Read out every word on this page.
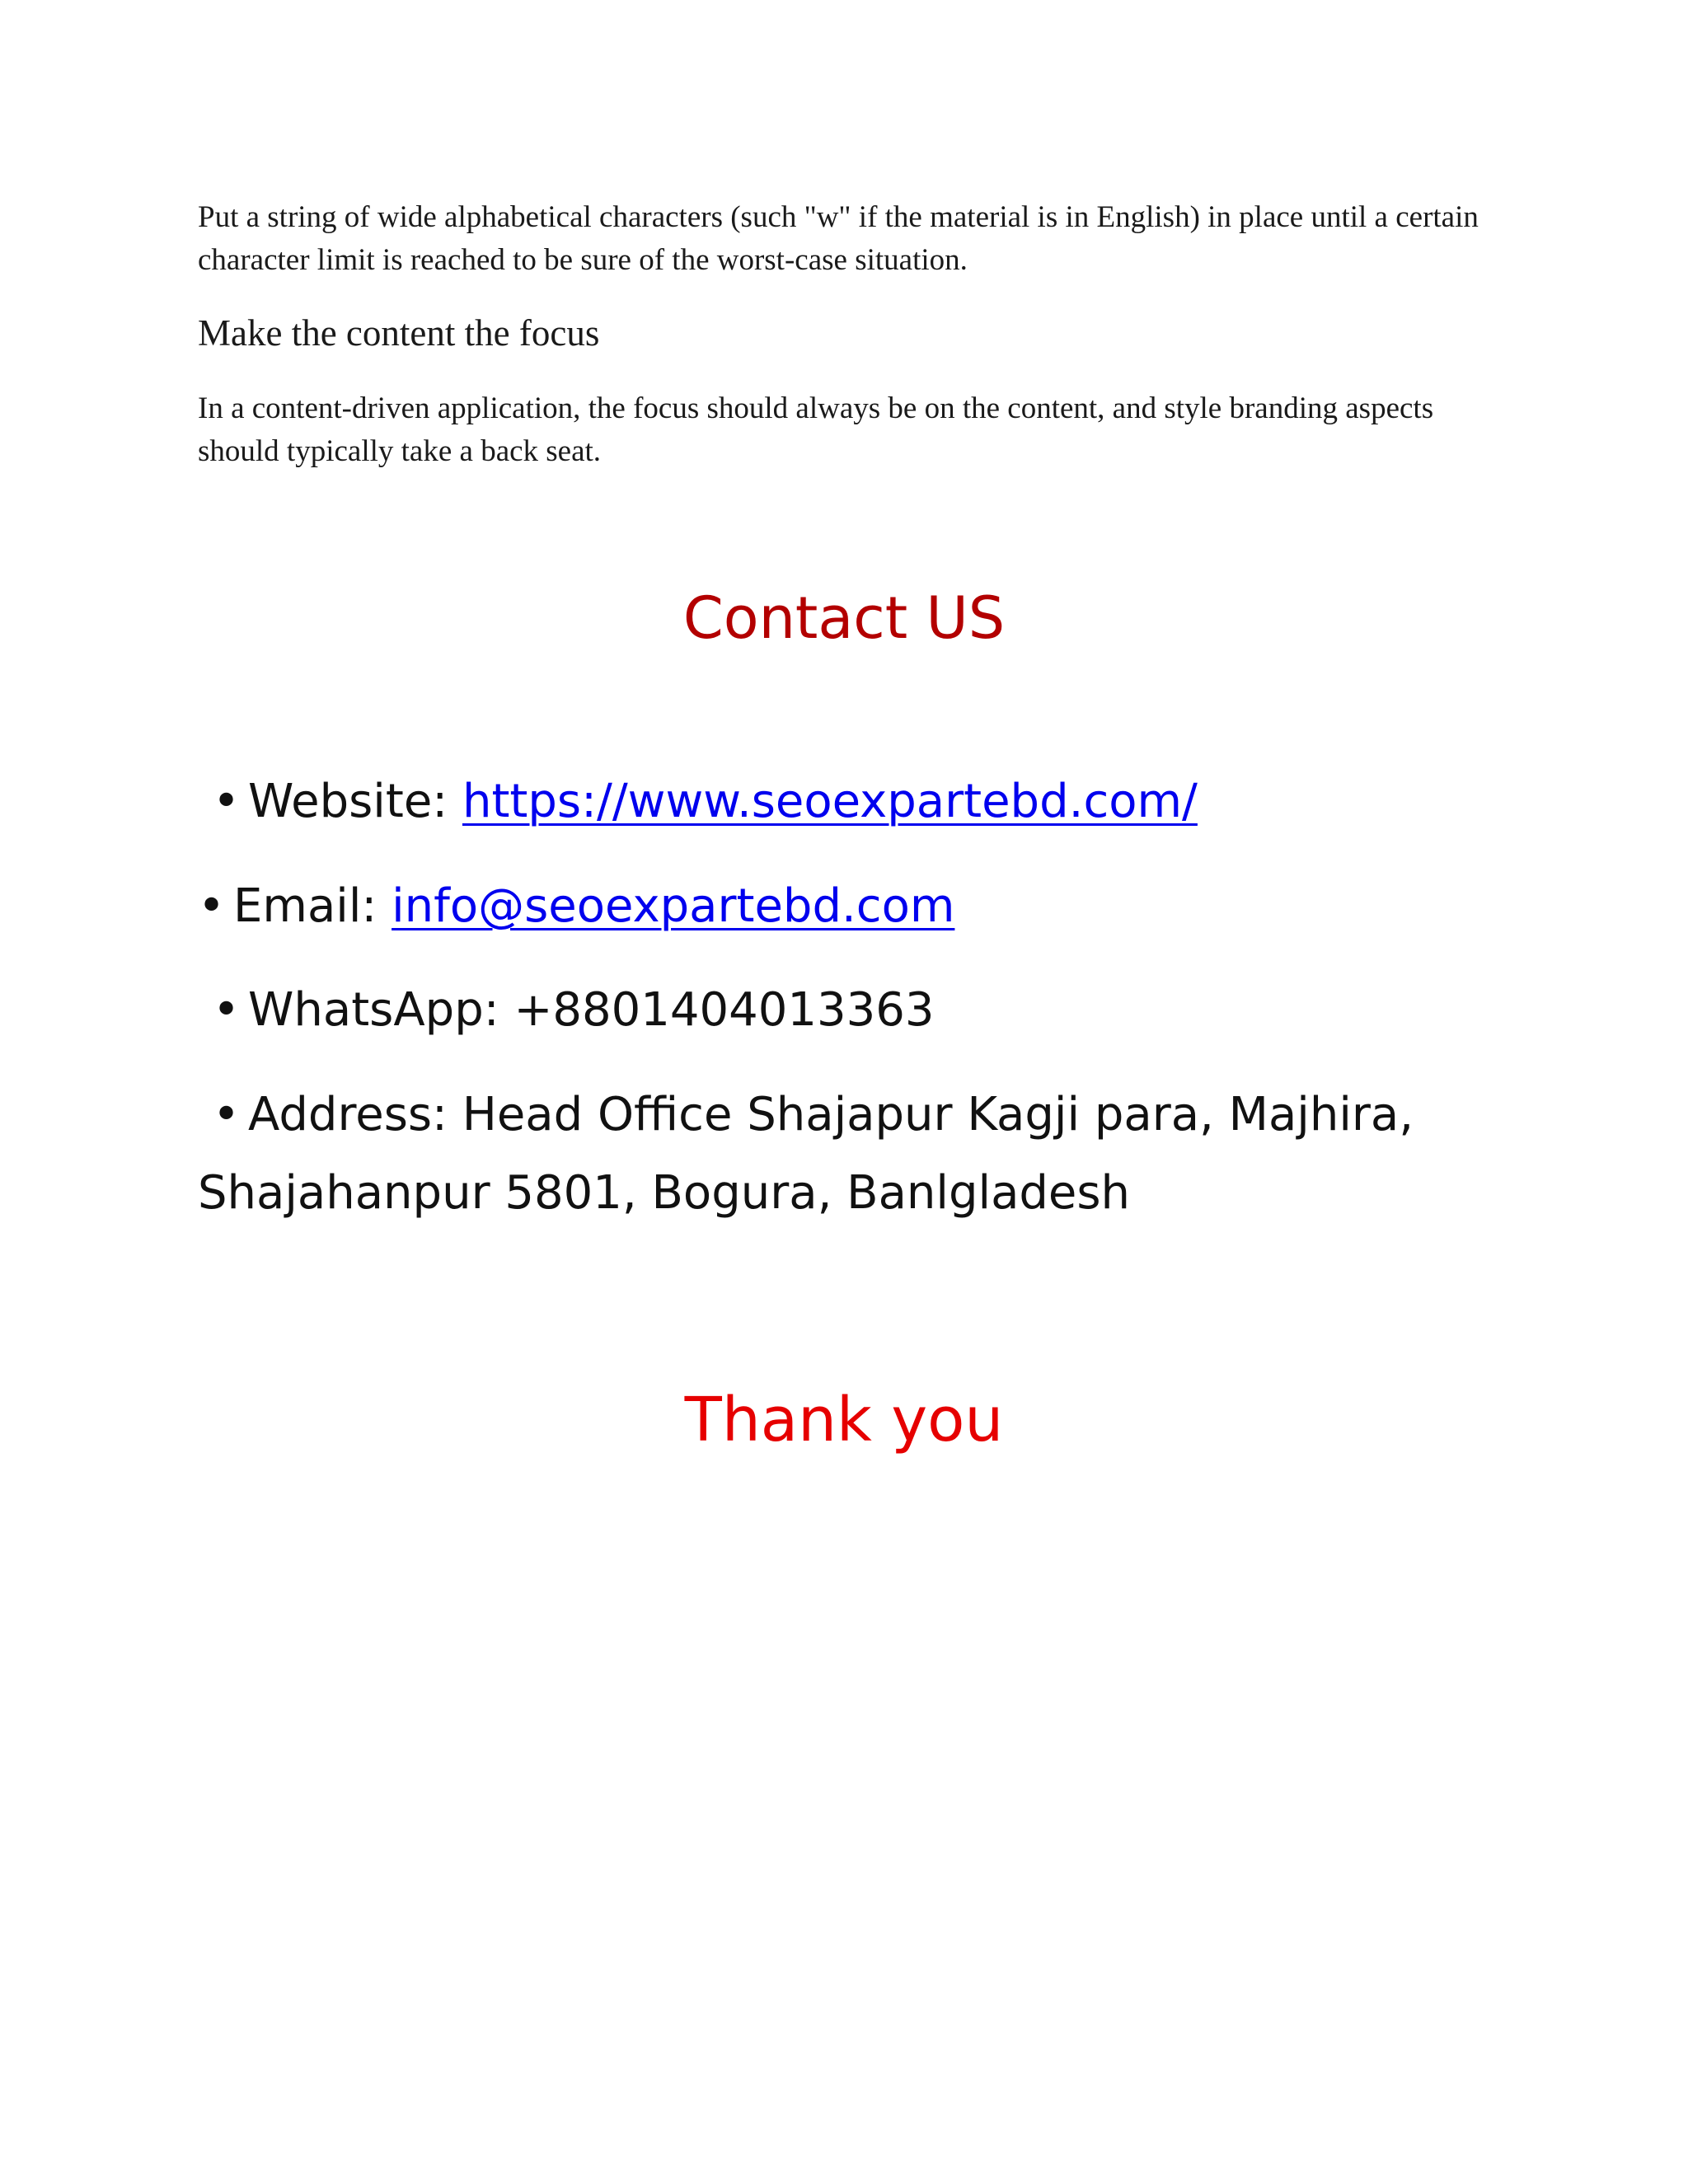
Put a string of wide alphabetical characters (such "w" if the material is in English) in place until a certain character limit is reached to be sure of the worst-case situation.

Make the content the focus

In a content-driven application, the focus should always be on the content, and style branding aspects should typically take a back seat.

Contact US
• Website: https://www.seoexpartebd.com/
• Email: info@seoexpartebd.com
• WhatsApp: +8801404013363
• Address: Head Office Shajapur Kagji para, Majhira,
Shajahanpur 5801, Bogura, Banlgladesh
Thank you
